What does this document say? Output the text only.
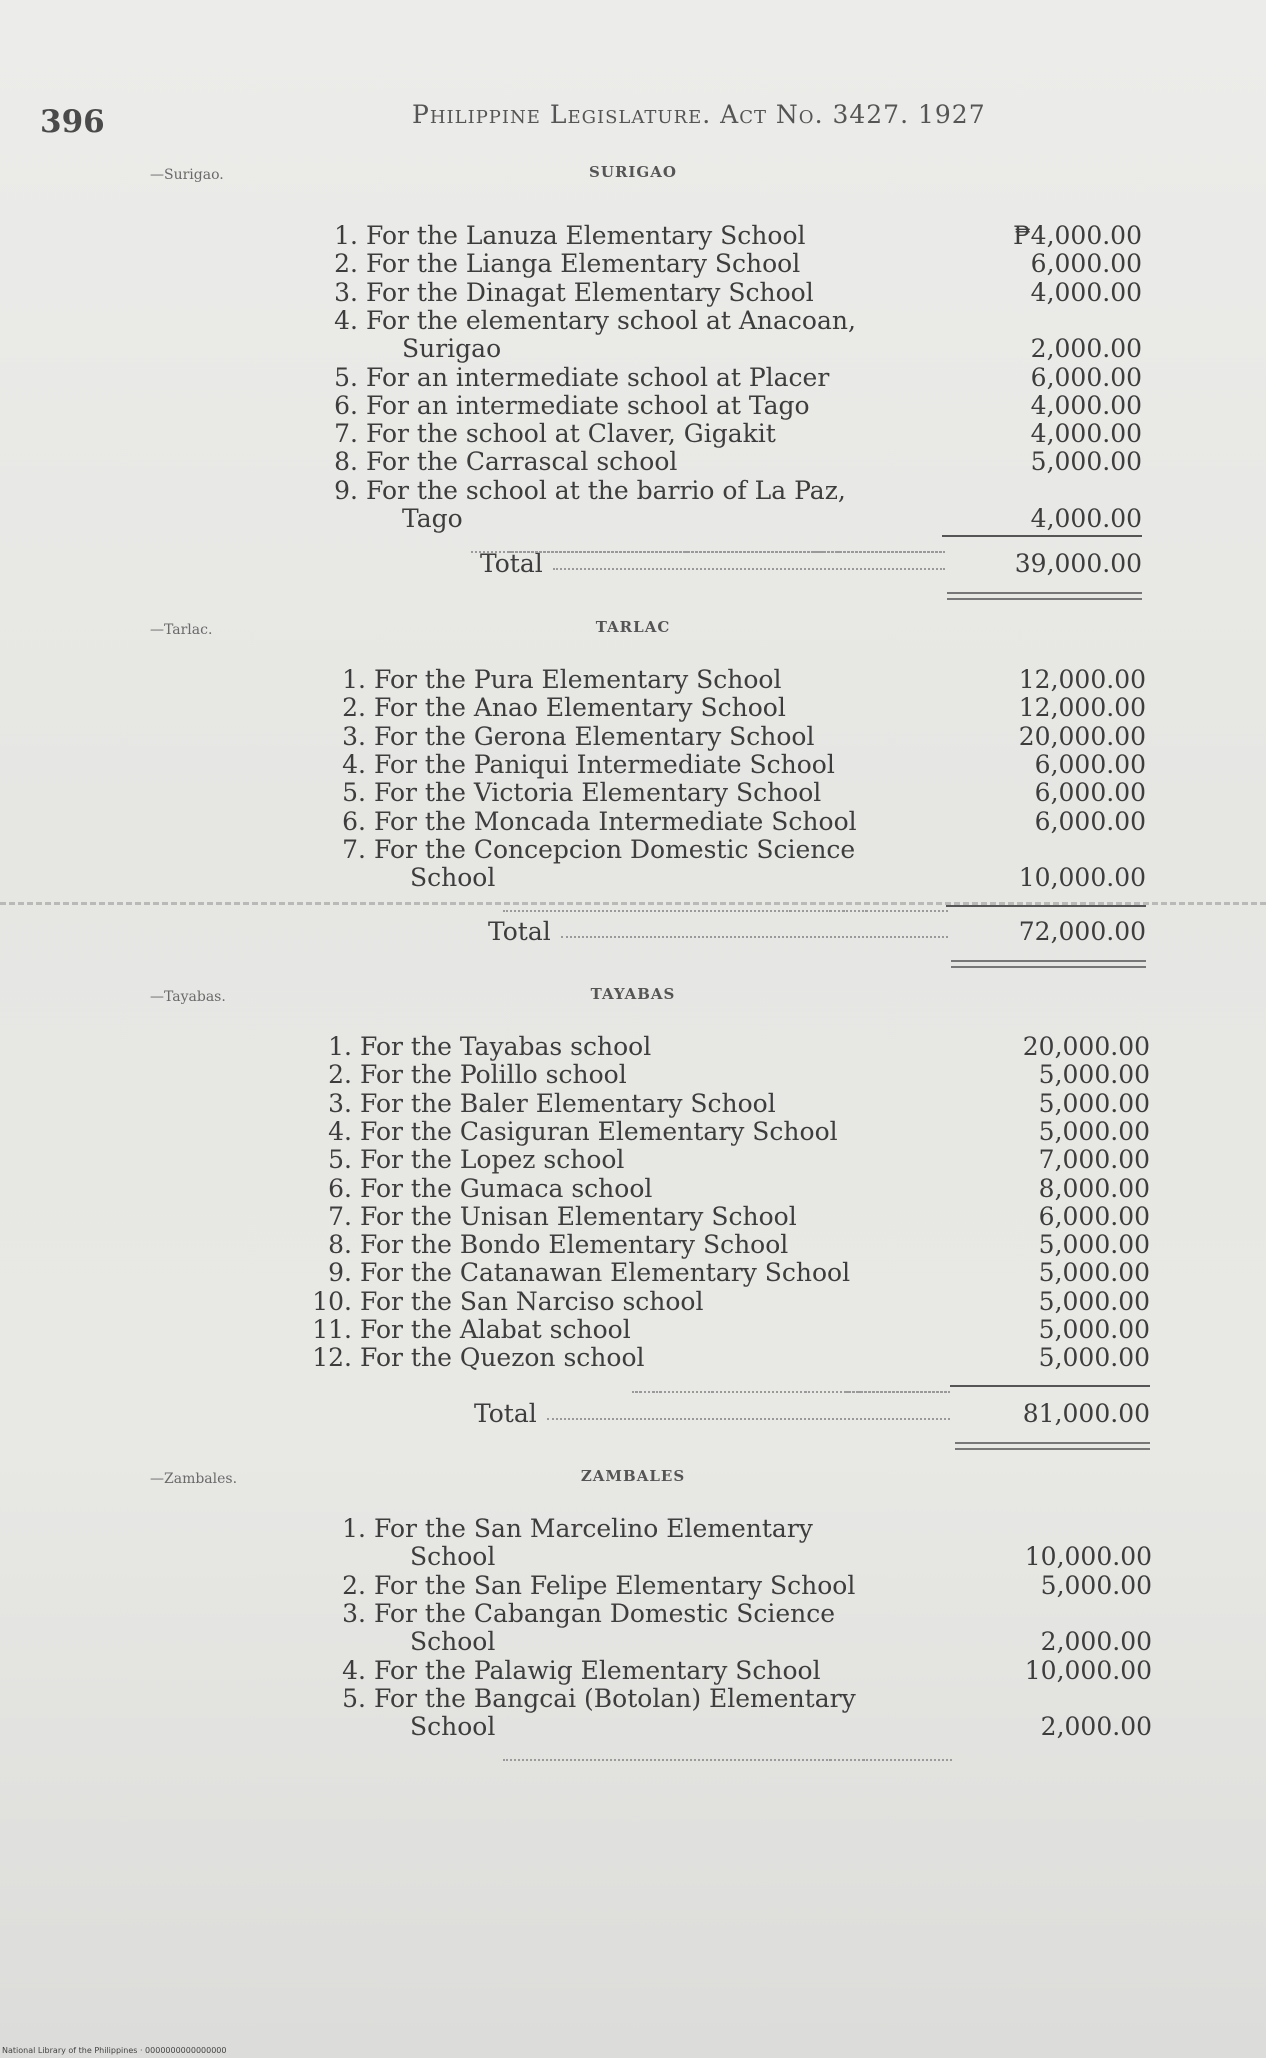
396	Philippine Legislature. Act No. 3427. 1927
—Surigao.	SURIGAO
1. For the Lanuza Elementary School	₱4,000.00
2. For the Lianga Elementary School	6,000.00
3. For the Dinagat Elementary School	4,000.00
4. For the elementary school at Anacoan,
Surigao	2,000.00
5. For an intermediate school at Placer	6,000.00
6. For an intermediate school at Tago	4,000.00
7. For the school at Claver, Gigakit	4,000.00
8. For the Carrascal school	5,000.00
9. For the school at the barrio of La Paz,
Tago	4,000.00
Total	39,000.00
—Tarlac.	TARLAC
1. For the Pura Elementary School	12,000.00
2. For the Anao Elementary School	12,000.00
3. For the Gerona Elementary School	20,000.00
4. For the Paniqui Intermediate School	6,000.00
5. For the Victoria Elementary School	6,000.00
6. For the Moncada Intermediate School	6,000.00
7. For the Concepcion Domestic Science
School	10,000.00
Total	72,000.00
—Tayabas.	TAYABAS
1. For the Tayabas school	20,000.00
2. For the Polillo school	5,000.00
3. For the Baler Elementary School	5,000.00
4. For the Casiguran Elementary School	5,000.00
5. For the Lopez school	7,000.00
6. For the Gumaca school	8,000.00
7. For the Unisan Elementary School	6,000.00
8. For the Bondo Elementary School	5,000.00
9. For the Catanawan Elementary School	5,000.00
10. For the San Narciso school	5,000.00
11. For the Alabat school	5,000.00
12. For the Quezon school	5,000.00
Total	81,000.00
—Zambales.	ZAMBALES
1. For the San Marcelino Elementary
School	10,000.00
2. For the San Felipe Elementary School	5,000.00
3. For the Cabangan Domestic Science
School	2,000.00
4. For the Palawig Elementary School	10,000.00
5. For the Bangcai (Botolan) Elementary
School	2,000.00
National Library of the Philippines · 0000000000000000
